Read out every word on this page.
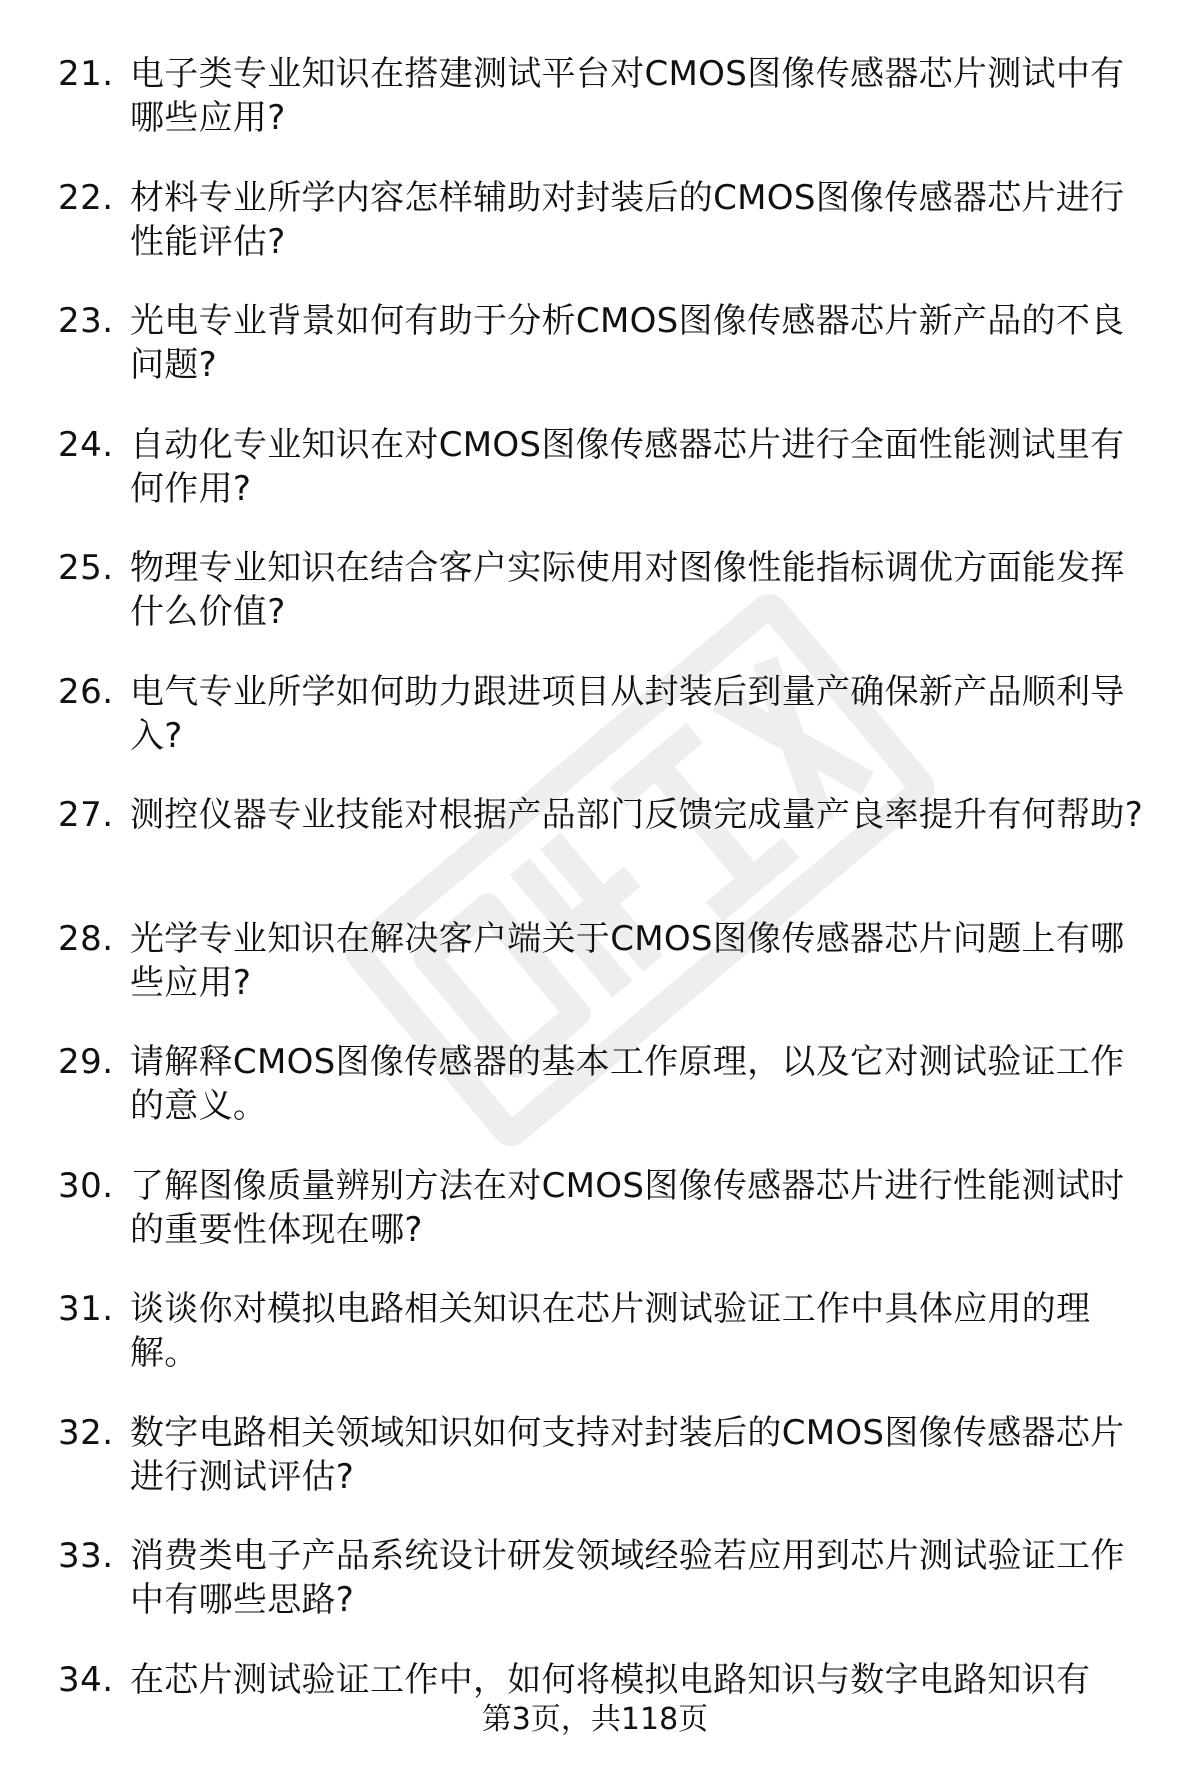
21. 电子类专业知识在搭建测试平台对CMOS图像传感器芯片测试中有哪些应用?
22. 材料专业所学内容怎样辅助对封装后的CMOS图像传感器芯片进行性能评估?
23. 光电专业背景如何有助于分析CMOS图像传感器芯片新产品的不良问题?
24. 自动化专业知识在对CMOS图像传感器芯片进行全面性能测试里有何作用?
25. 物理专业知识在结合客户实际使用对图像性能指标调优方面能发挥什么价值?
26. 电气专业所学如何助力跟进项目从封装后到量产确保新产品顺利导入?
27. 测控仪器专业技能对根据产品部门反馈完成量产良率提升有何帮助?
28. 光学专业知识在解决客户端关于CMOS图像传感器芯片问题上有哪些应用?
29. 请解释CMOS图像传感器的基本工作原理，以及它对测试验证工作的意义。
30. 了解图像质量辨别方法在对CMOS图像传感器芯片进行性能测试时的重要性体现在哪?
31. 谈谈你对模拟电路相关知识在芯片测试验证工作中具体应用的理解。
32. 数字电路相关领域知识如何支持对封装后的CMOS图像传感器芯片进行测试评估?
33. 消费类电子产品系统设计研发领域经验若应用到芯片测试验证工作中有哪些思路?
34. 在芯片测试验证工作中，如何将模拟电路知识与数字电路知识有
第3页，共118页
